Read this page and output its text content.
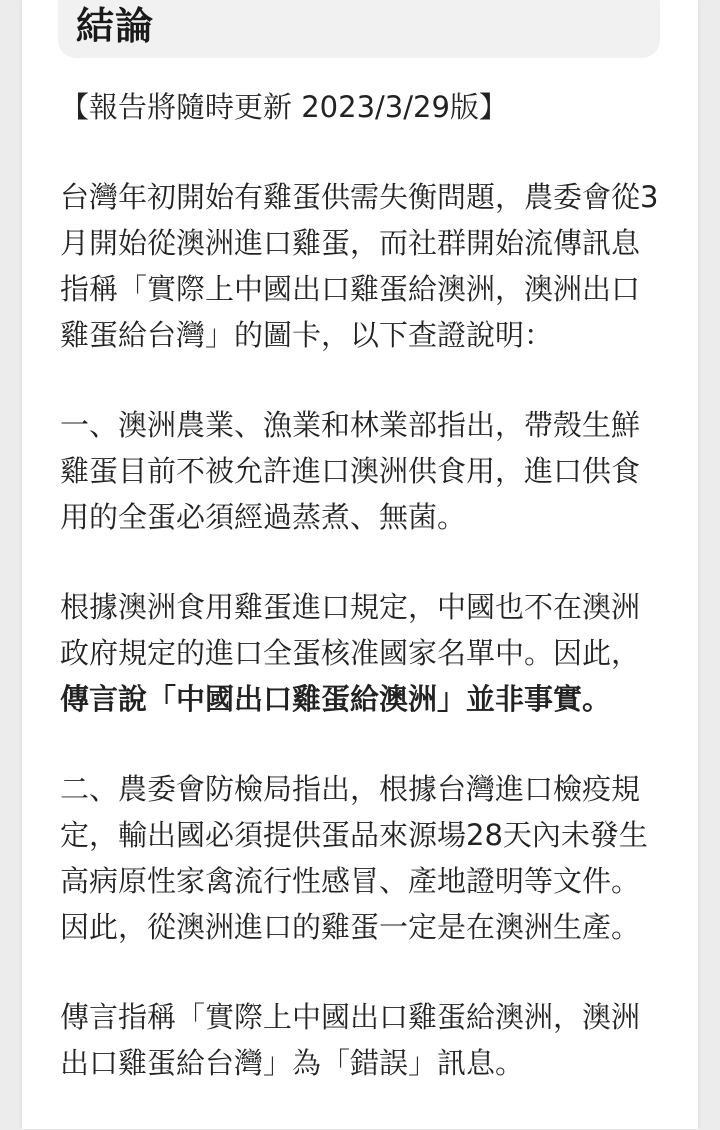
結論

【報告將隨時更新 2023/3/29版】

台灣年初開始有雞蛋供需失衡問題，農委會從3月開始從澳洲進口雞蛋，而社群開始流傳訊息指稱「實際上中國出口雞蛋給澳洲，澳洲出口雞蛋給台灣」的圖卡，以下查證說明：

一、澳洲農業、漁業和林業部指出，帶殼生鮮雞蛋目前不被允許進口澳洲供食用，進口供食用的全蛋必須經過蒸煮、無菌。

根據澳洲食用雞蛋進口規定，中國也不在澳洲政府規定的進口全蛋核准國家名單中。因此，傳言說「中國出口雞蛋給澳洲」並非事實。

二、農委會防檢局指出，根據台灣進口檢疫規定，輸出國必須提供蛋品來源場28天內未發生高病原性家禽流行性感冒、產地證明等文件。因此，從澳洲進口的雞蛋一定是在澳洲生產。

傳言指稱「實際上中國出口雞蛋給澳洲，澳洲出口雞蛋給台灣」為「錯誤」訊息。
